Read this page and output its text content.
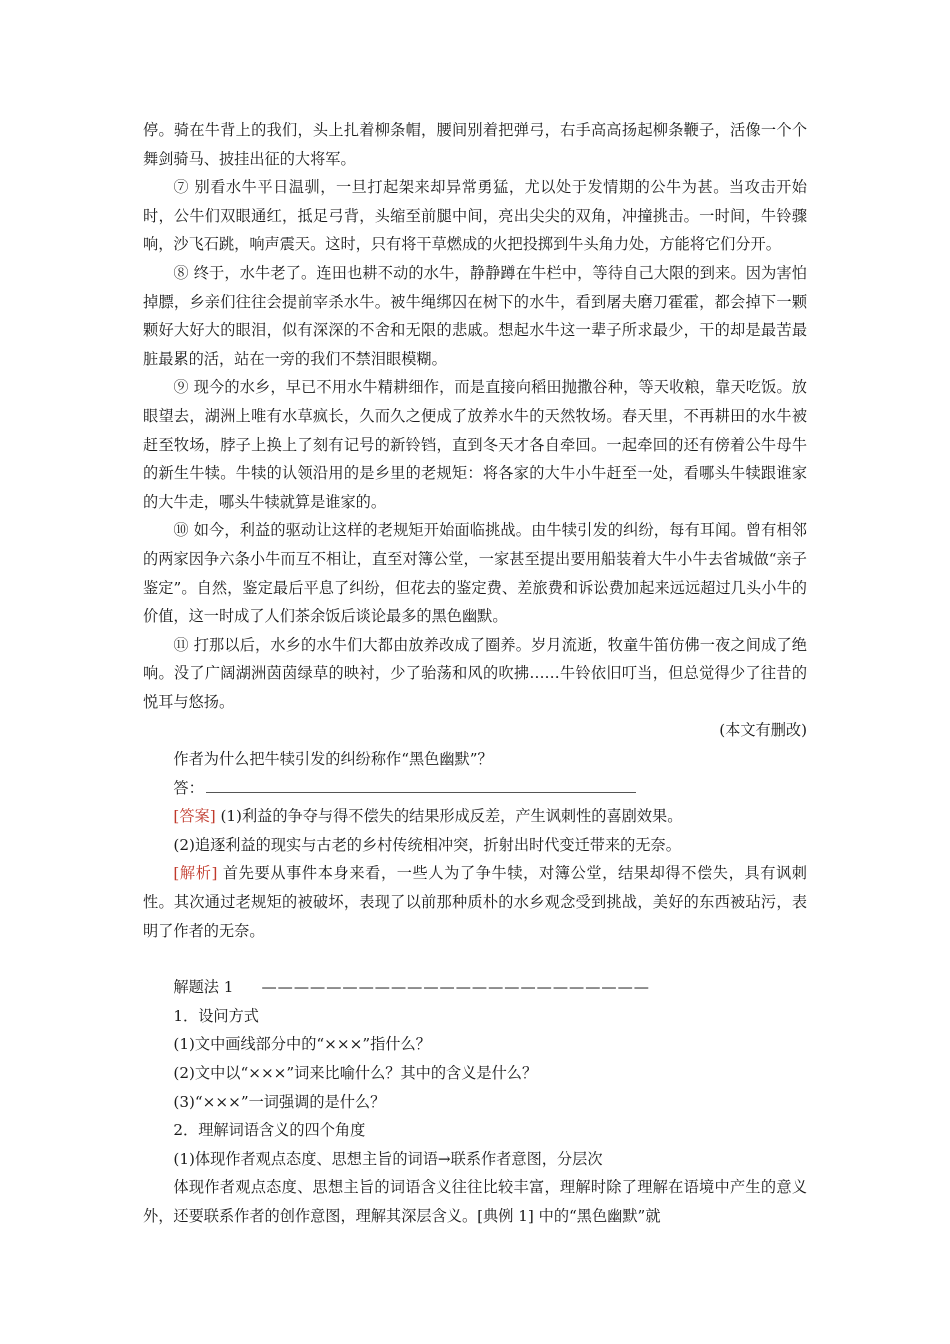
停。骑在牛背上的我们，头上扎着柳条帽，腰间别着把弹弓，右手高高扬起柳条鞭子，活像一个个舞剑骑马、披挂出征的大将军。

⑦ 别看水牛平日温驯，一旦打起架来却异常勇猛，尤以处于发情期的公牛为甚。当攻击开始时，公牛们双眼通红，抵足弓背，头缩至前腿中间，亮出尖尖的双角，冲撞挑击。一时间，牛铃骤响，沙飞石跳，响声震天。这时，只有将干草燃成的火把投掷到牛头角力处，方能将它们分开。

⑧ 终于，水牛老了。连田也耕不动的水牛，静静蹲在牛栏中，等待自己大限的到来。因为害怕掉膘，乡亲们往往会提前宰杀水牛。被牛绳绑囚在树下的水牛，看到屠夫磨刀霍霍，都会掉下一颗颗好大好大的眼泪，似有深深的不舍和无限的悲戚。想起水牛这一辈子所求最少，干的却是最苦最脏最累的活，站在一旁的我们不禁泪眼模糊。

⑨ 现今的水乡，早已不用水牛精耕细作，而是直接向稻田抛撒谷种，等天收粮，靠天吃饭。放眼望去，湖洲上唯有水草疯长，久而久之便成了放养水牛的天然牧场。春天里，不再耕田的水牛被赶至牧场，脖子上换上了刻有记号的新铃铛，直到冬天才各自牵回。一起牵回的还有傍着公牛母牛的新生牛犊。牛犊的认领沿用的是乡里的老规矩：将各家的大牛小牛赶至一处，看哪头牛犊跟谁家的大牛走，哪头牛犊就算是谁家的。

⑩ 如今，利益的驱动让这样的老规矩开始面临挑战。由牛犊引发的纠纷，每有耳闻。曾有相邻的两家因争六条小牛而互不相让，直至对簿公堂，一家甚至提出要用船装着大牛小牛去省城做“亲子鉴定”。自然，鉴定最后平息了纠纷，但花去的鉴定费、差旅费和诉讼费加起来远远超过几头小牛的价值，这一时成了人们茶余饭后谈论最多的黑色幽默。

⑪ 打那以后，水乡的水牛们大都由放养改成了圈养。岁月流逝，牧童牛笛仿佛一夜之间成了绝响。没了广阔湖洲茵茵绿草的映衬，少了骀荡和风的吹拂……牛铃依旧叮当，但总觉得少了往昔的悦耳与悠扬。

(本文有删改)

作者为什么把牛犊引发的纠纷称作“黑色幽默”？

答：

[答案] (1)利益的争夺与得不偿失的结果形成反差，产生讽刺性的喜剧效果。

(2)追逐利益的现实与古老的乡村传统相冲突，折射出时代变迁带来的无奈。

[解析] 首先要从事件本身来看，一些人为了争牛犊，对簿公堂，结果却得不偿失，具有讽刺性。其次通过老规矩的被破坏，表现了以前那种质朴的水乡观念受到挑战，美好的东西被玷污，表明了作者的无奈。

解题法 1 ————————————————————————

1．设问方式

(1)文中画线部分中的“×××”指什么？

(2)文中以“×××”词来比喻什么？其中的含义是什么？

(3)“×××”一词强调的是什么？

2．理解词语含义的四个角度

(1)体现作者观点态度、思想主旨的词语→联系作者意图，分层次

体现作者观点态度、思想主旨的词语含义往往比较丰富，理解时除了理解在语境中产生的意义外，还要联系作者的创作意图，理解其深层含义。[典例 1] 中的“黑色幽默”就
